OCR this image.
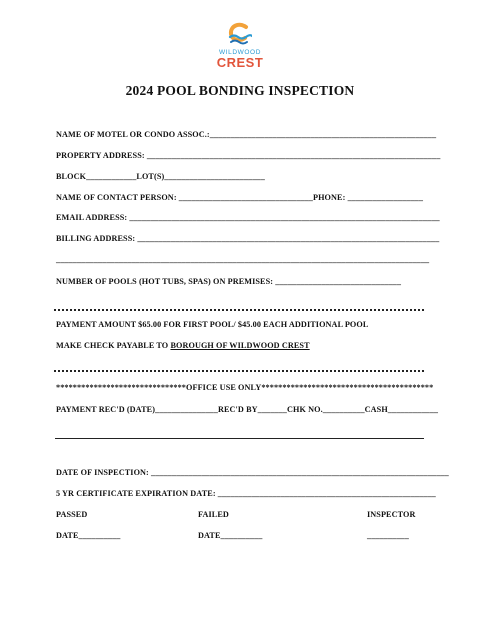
WILDWOOD
CREST
2024 POOL BONDING INSPECTION
NAME OF MOTEL OR CONDO ASSOC.:______________________________________________________
PROPERTY ADDRESS: ______________________________________________________________________
BLOCK____________LOT(S)________________________
NAME OF CONTACT PERSON: ________________________________PHONE: __________________
EMAIL ADDRESS: __________________________________________________________________________
BILLING ADDRESS: ________________________________________________________________________
_________________________________________________________________________________________
NUMBER OF POOLS (HOT TUBS, SPAS) ON PREMISES: ______________________________
PAYMENT AMOUNT $65.00 FOR FIRST POOL/ $45.00 EACH ADDITIONAL POOL
MAKE CHECK PAYABLE TO BOROUGH OF WILDWOOD CREST
*******************************OFFICE USE ONLY*****************************************
PAYMENT REC'D (DATE)_______________REC'D BY_______CHK NO.__________CASH____________
DATE OF INSPECTION: _______________________________________________________________________
5 YR CERTIFICATE EXPIRATION DATE: ____________________________________________________
PASSED	FAILED	INSPECTOR
DATE__________	DATE__________	__________
